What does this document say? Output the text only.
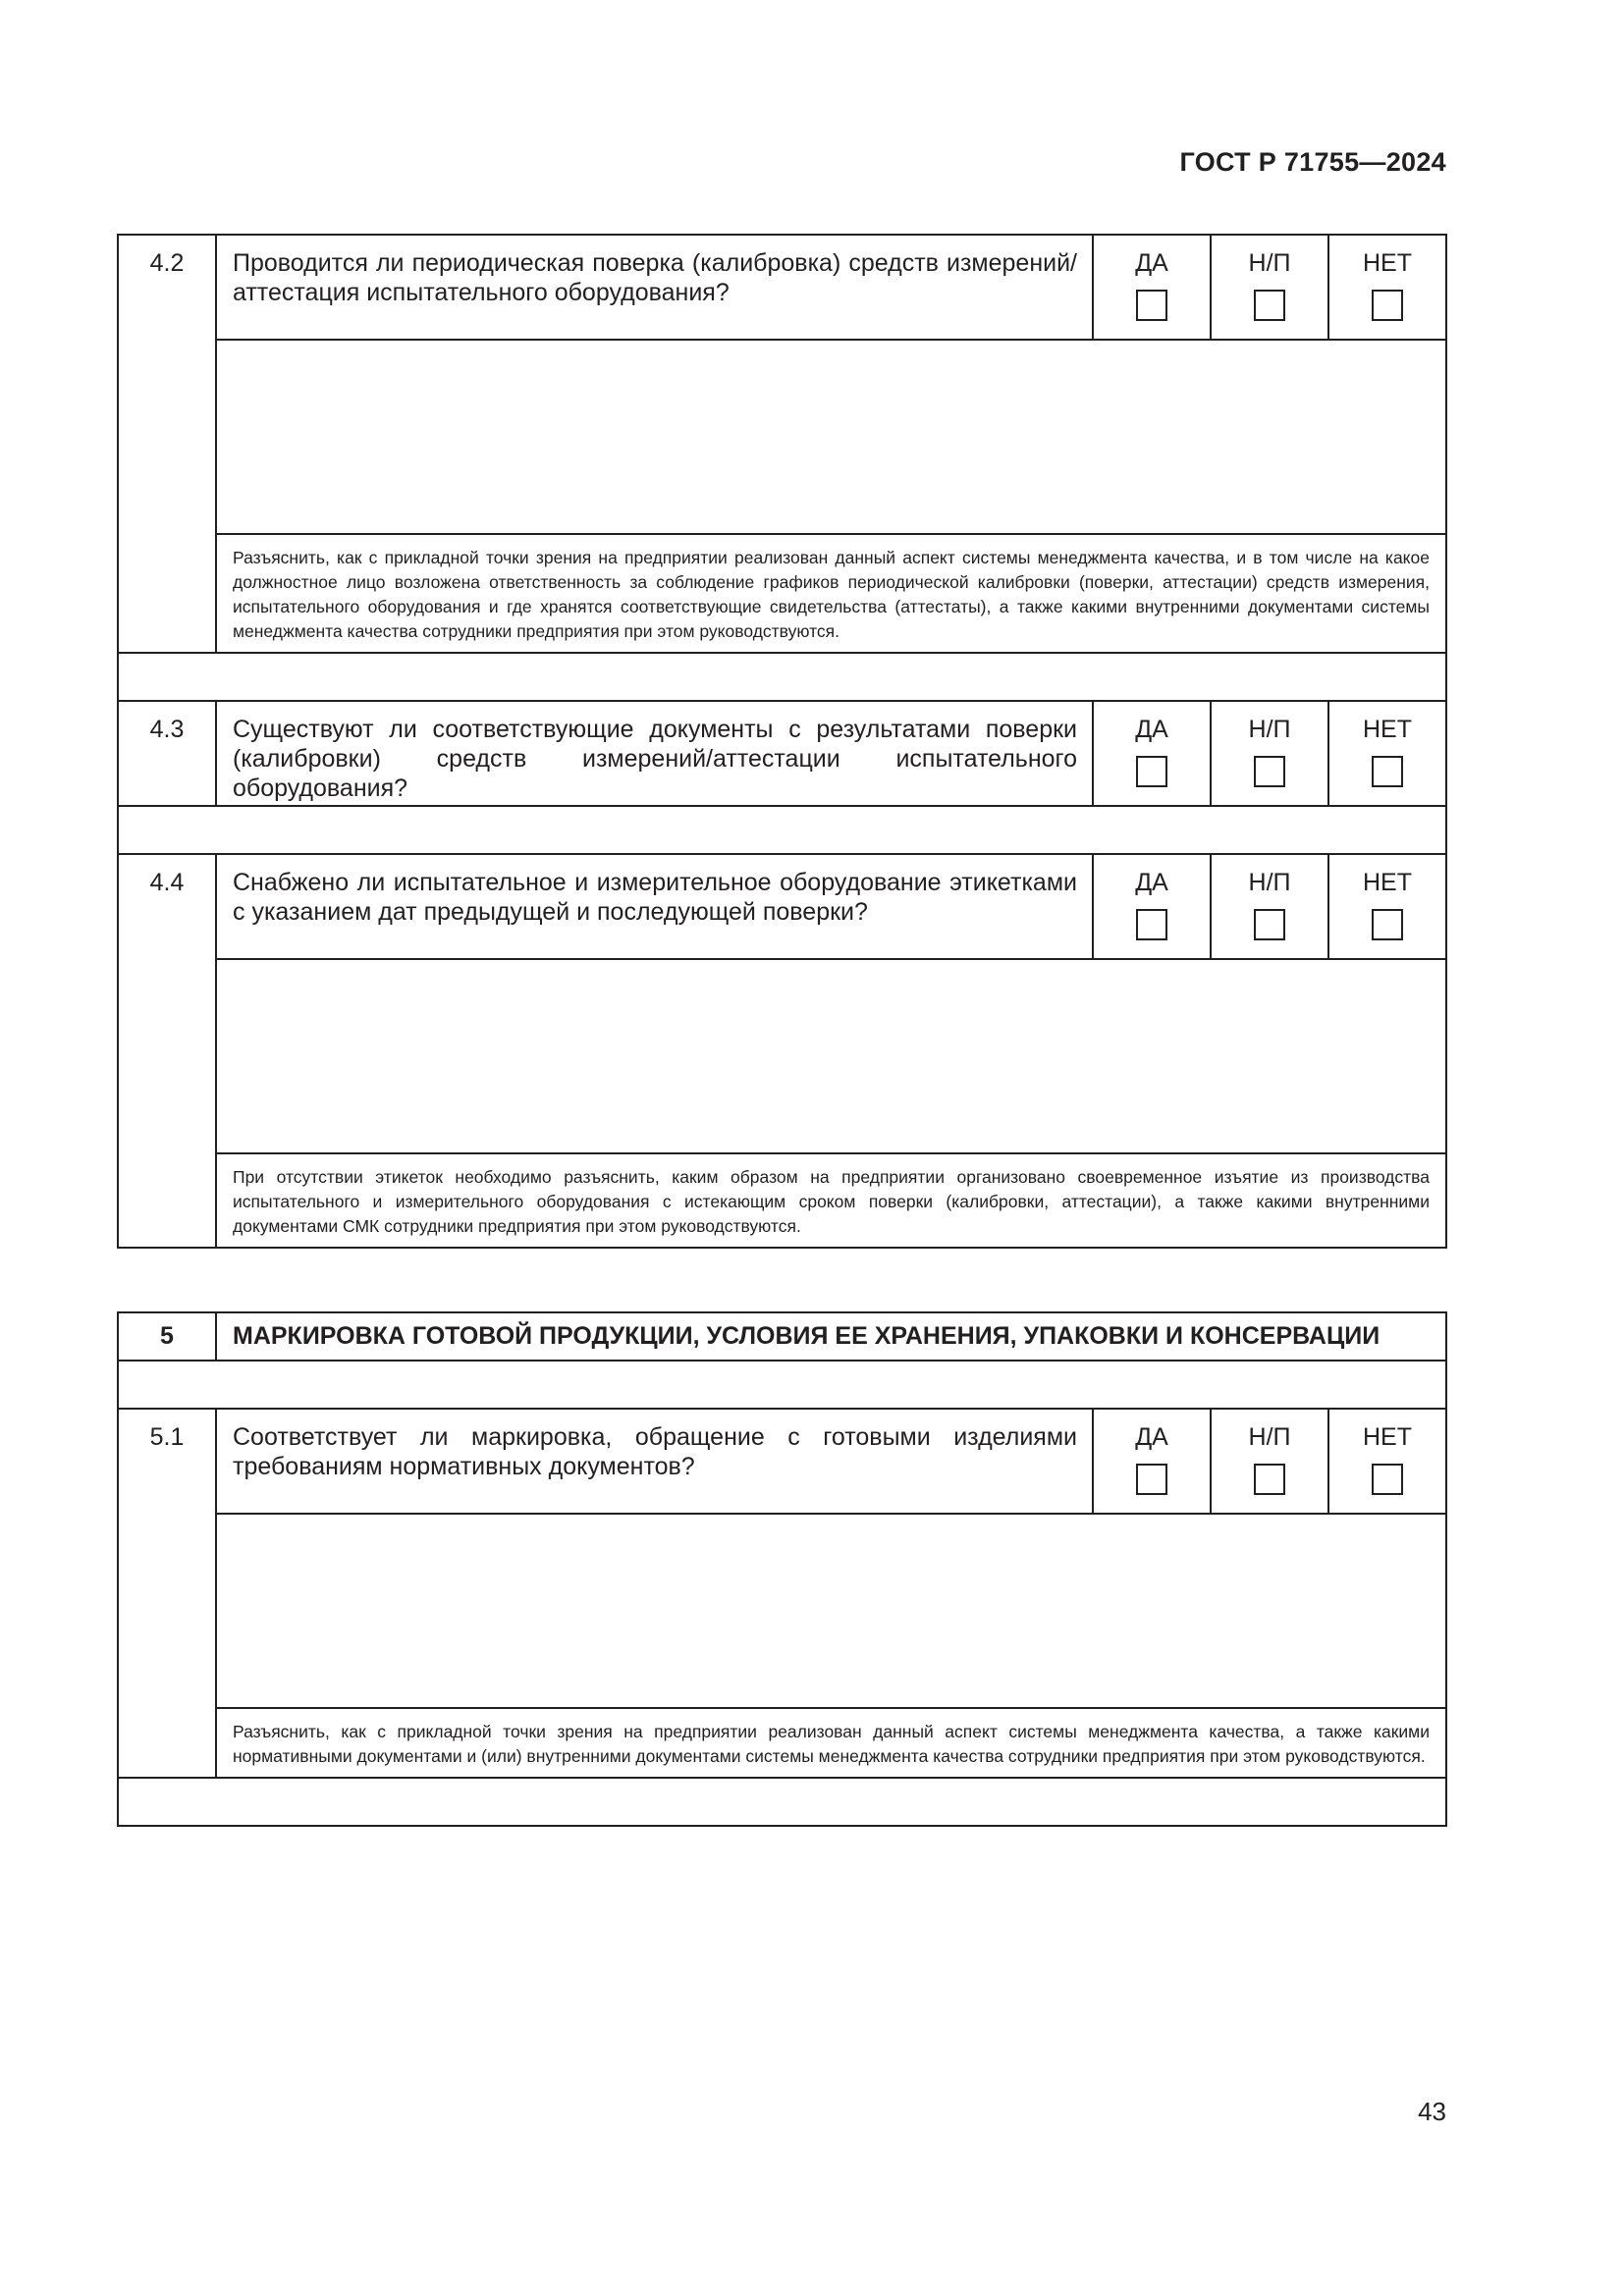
ГОСТ Р 71755—2024
4.2	Проводится ли периодическая поверка (калибровка) средств измерений/ аттестация испытательного оборудования?	ДА	Н/П	НЕТ

	Разъяснить, как с прикладной точки зрения на предприятии реализован данный аспект системы менеджмента качества, и в том числе на какое должностное лицо возложена ответственность за соблюдение графиков периодической калибровки (поверки, аттестации) средств измерения, испытательного оборудования и где хранятся соответствующие свидетельства (аттестаты), а также какими внутренними документами системы менеджмента качества сотрудники предприятия при этом руководствуются.			

4.3	Существуют ли соответствующие документы с результатами поверки (калибровки) средств измерений/аттестации испытательного оборудования?	ДА	Н/П	НЕТ

4.4	Снабжено ли испытательное и измерительное оборудование этикетками с указанием дат предыдущей и последующей поверки?	ДА	Н/П	НЕТ

	При отсутствии этикеток необходимо разъяснить, каким образом на предприятии организовано своевременное изъятие из производства испытательного и измерительного оборудования с истекающим сроком поверки (калибровки, аттестации), а также какими внутренними документами СМК сотрудники предприятия при этом руководствуются.			
5	МАРКИРОВКА ГОТОВОЙ ПРОДУКЦИИ, УСЛОВИЯ ЕЕ ХРАНЕНИЯ, УПАКОВКИ И КОНСЕРВАЦИИ			

5.1	Соответствует ли маркировка, обращение с готовыми изделиями требованиям нормативных документов?	ДА	Н/П	НЕТ

	Разъяснить, как с прикладной точки зрения на предприятии реализован данный аспект системы менеджмента качества, а также какими нормативными документами и (или) внутренними документами системы менеджмента качества сотрудники предприятия при этом руководствуются.			

43
